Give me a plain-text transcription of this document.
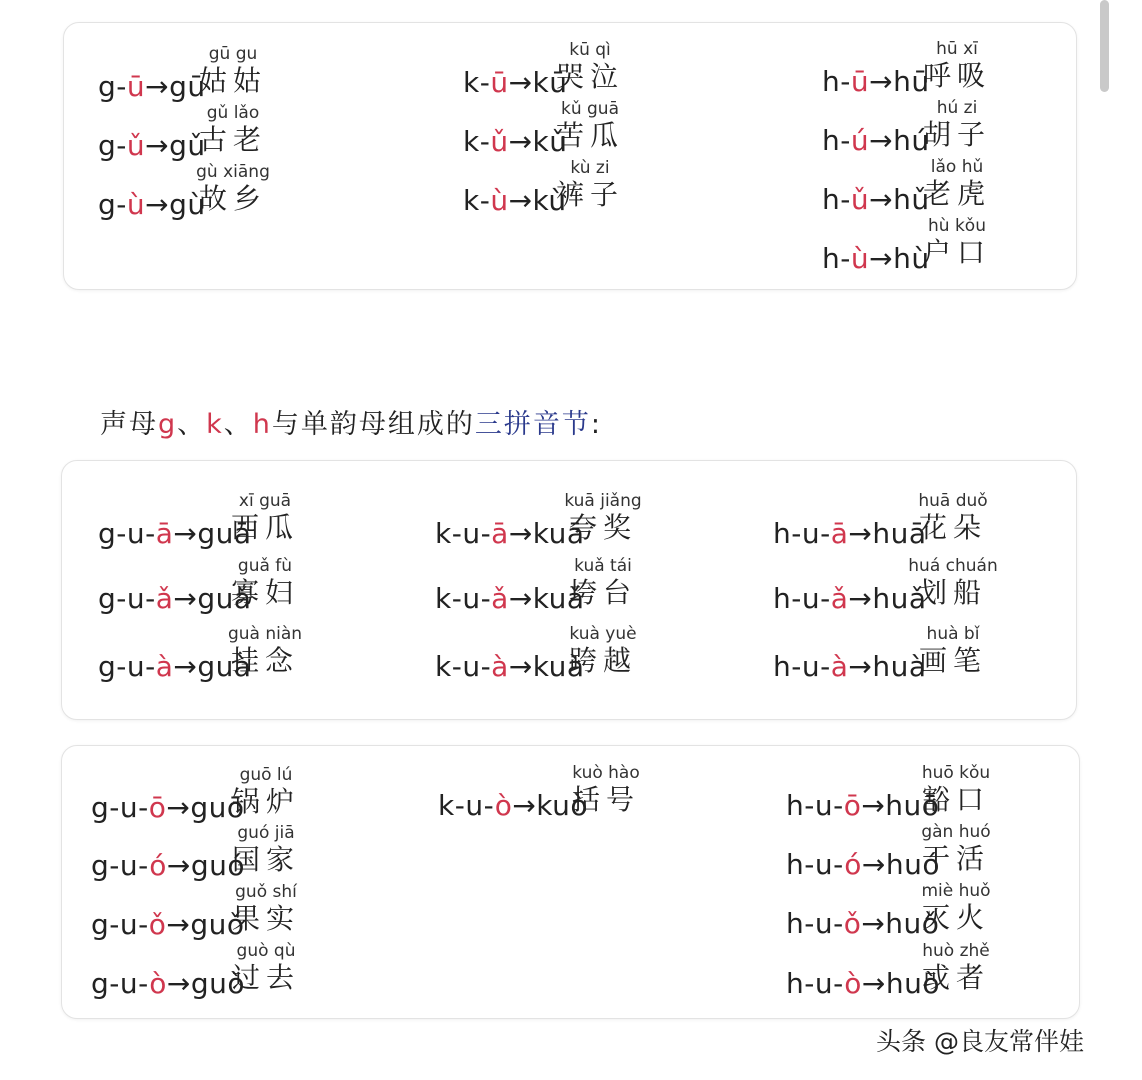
声母g、k、h与单韵母组成的三拼音节:
g-ū→gū
gū gu
姑姑
g-ǔ→gǔ
gǔ lǎo
古老
g-ù→gù
gù xiāng
故乡
k-ū→kū
kū qì
哭泣
k-ǔ→kǔ
kǔ guā
苦瓜
k-ù→kù
kù zi
裤子
h-ū→hū
hū xī
呼吸
h-ú→hú
hú zi
胡子
h-ǔ→hǔ
lǎo hǔ
老虎
h-ù→hù
hù kǒu
户口
g-u-ā→guā
xī guā
西瓜
g-u-ǎ→guǎ
guǎ fù
寡妇
g-u-à→guà
guà niàn
挂念
k-u-ā→kuā
kuā jiǎng
夸奖
k-u-ǎ→kuǎ
kuǎ tái
垮台
k-u-à→kuà
kuà yuè
跨越
h-u-ā→huā
huā duǒ
花朵
h-u-ǎ→huǎ
huá chuán
划船
h-u-à→huà
huà bǐ
画笔
g-u-ō→guō
guō lú
锅炉
g-u-ó→guó
guó jiā
国家
g-u-ǒ→guǒ
guǒ shí
果实
g-u-ò→guò
guò qù
过去
k-u-ò→kuò
kuò hào
括号	h-u-ō→huō
huō kǒu
豁口
h-u-ó→huó
gàn huó
干活
h-u-ǒ→huǒ
miè huǒ
灭火
h-u-ò→huò
huò zhě
或者
头条 @良友常伴娃
